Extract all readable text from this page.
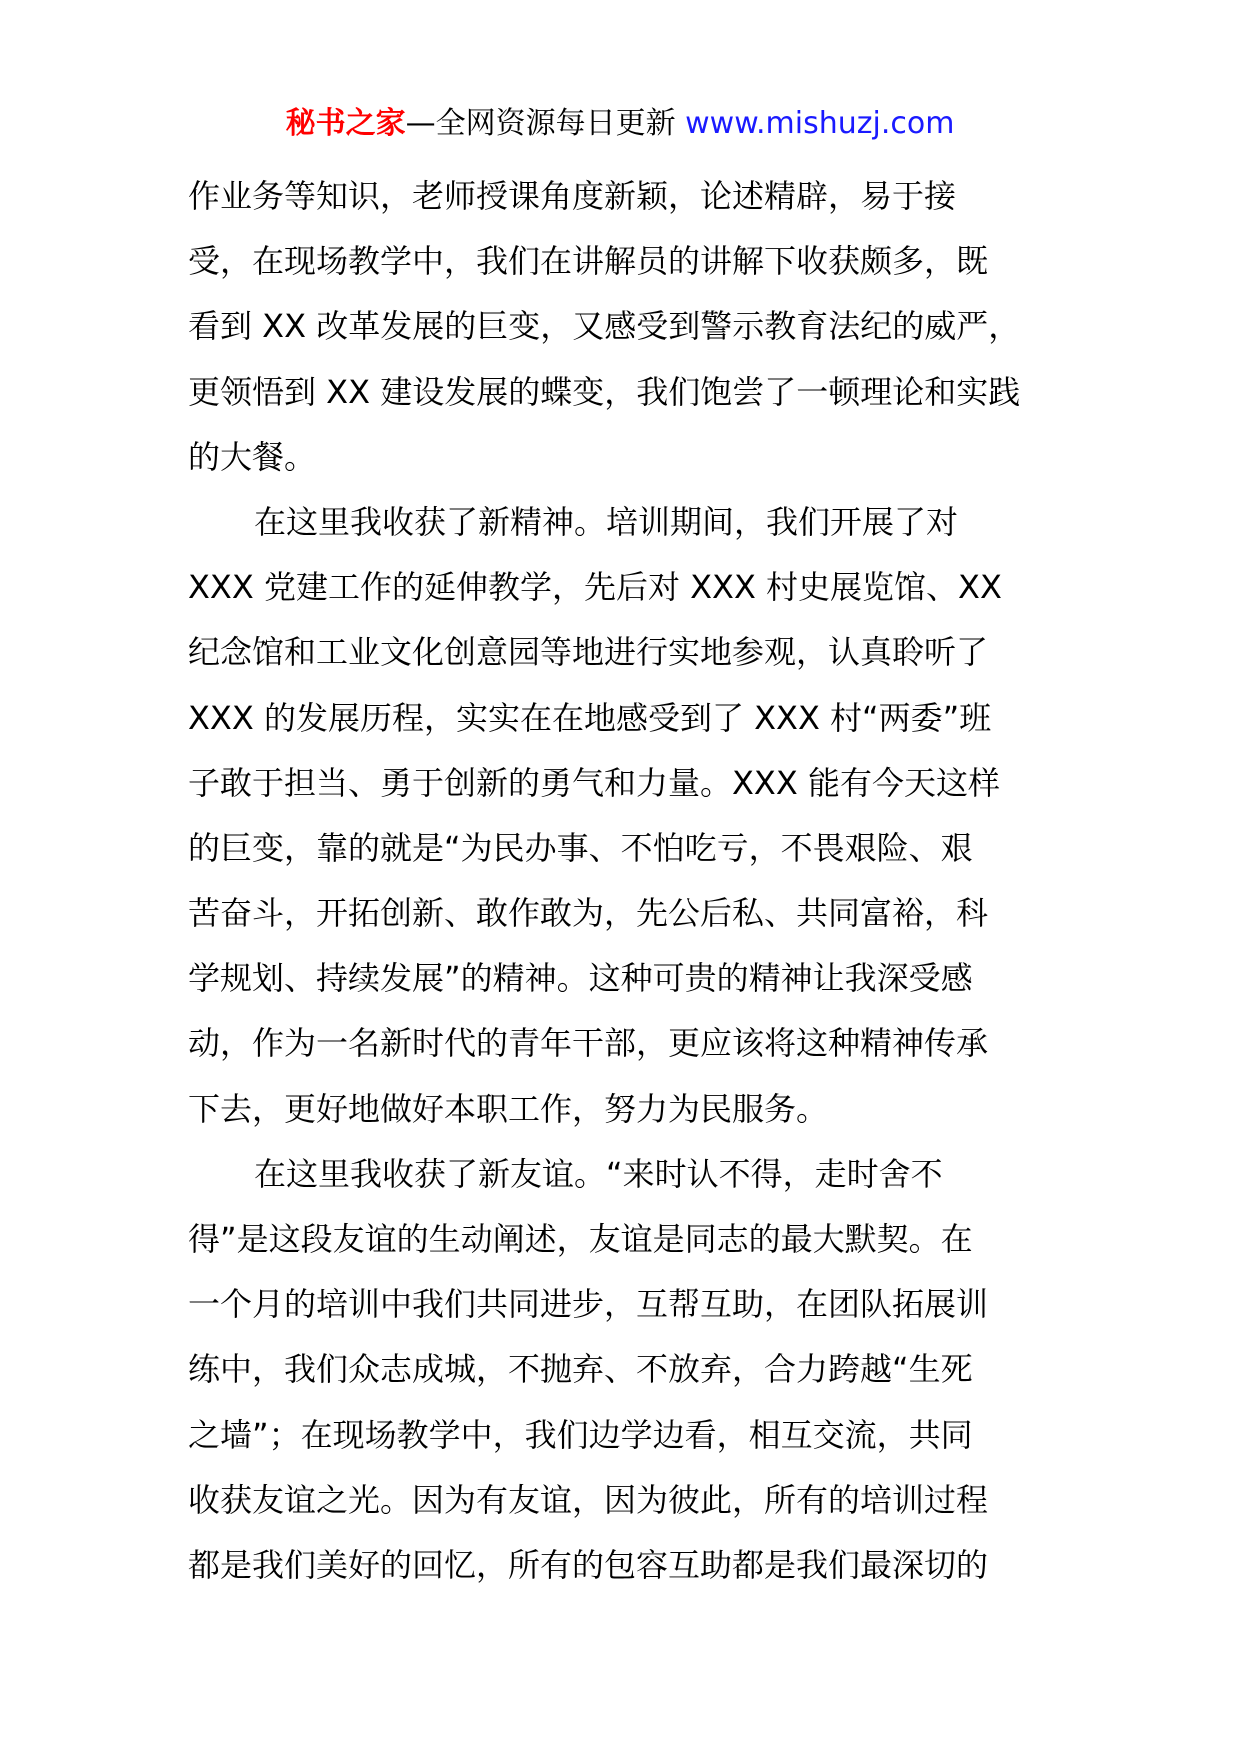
秘书之家—全网资源每日更新 www.mishuzj.com
作业务等知识，老师授课角度新颖，论述精辟，易于接
受，在现场教学中，我们在讲解员的讲解下收获颇多，既
看到 XX 改革发展的巨变，又感受到警示教育法纪的威严，
更领悟到 XX 建设发展的蝶变，我们饱尝了一顿理论和实践
的大餐。
在这里我收获了新精神。培训期间，我们开展了对
XXX 党建工作的延伸教学，先后对 XXX 村史展览馆、XX
纪念馆和工业文化创意园等地进行实地参观，认真聆听了
XXX 的发展历程，实实在在地感受到了 XXX 村“两委”班
子敢于担当、勇于创新的勇气和力量。XXX 能有今天这样
的巨变，靠的就是“为民办事、不怕吃亏，不畏艰险、艰
苦奋斗，开拓创新、敢作敢为，先公后私、共同富裕，科
学规划、持续发展”的精神。这种可贵的精神让我深受感
动，作为一名新时代的青年干部，更应该将这种精神传承
下去，更好地做好本职工作，努力为民服务。
在这里我收获了新友谊。“来时认不得，走时舍不
得”是这段友谊的生动阐述，友谊是同志的最大默契。在
一个月的培训中我们共同进步，互帮互助，在团队拓展训
练中，我们众志成城，不抛弃、不放弃，合力跨越“生死
之墙”；在现场教学中，我们边学边看，相互交流，共同
收获友谊之光。因为有友谊，因为彼此，所有的培训过程
都是我们美好的回忆，所有的包容互助都是我们最深切的
